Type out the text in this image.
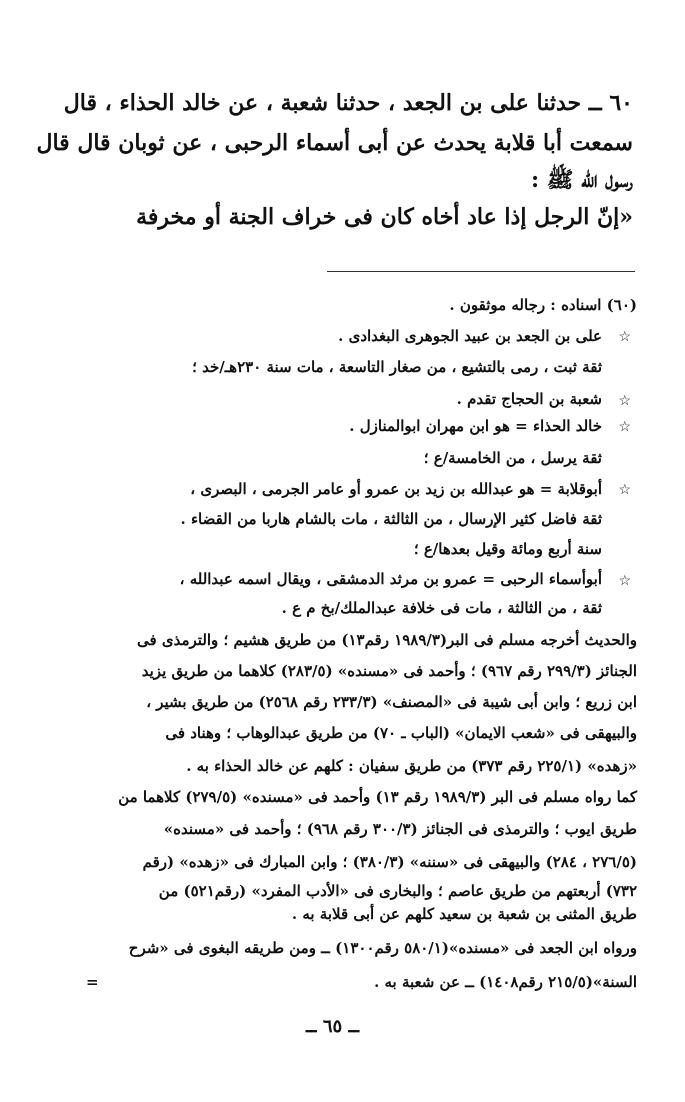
٦٠ ــ حدثنا على بن الجعد ، حدثنا شعبة ، عن خالد الحذاء ، قال
سمعت أبا قلابة يحدث عن أبى أسماء الرحبى ، عن ثوبان قال قال
رسول الله ﷺ :
«إنّ الرجل إذا عاد أخاه كان فى خراف الجنة أو مخرفة
(٦٠) اسناده : رجاله موثقون .
☆
على بن الجعد بن عبيد الجوهرى البغدادى .
ثقة ثبت ، رمى بالتشيع ، من صغار التاسعة ، مات سنة ٢٣٠هـ/خد ؛
☆
شعبة بن الحجاج تقدم .
☆
خالد الحذاء = هو ابن مهران ابوالمنازل .
ثقة يرسل ، من الخامسة/ع ؛
☆
أبوقلابة = هو عبدالله بن زيد بن عمرو أو عامر الجرمى ، البصرى ،
ثقة فاضل كثير الإرسال ، من الثالثة ، مات بالشام هاربا من القضاء .
سنة أربع ومائة وقيل بعدها/ع ؛
☆
أبوأسماء الرحبى = عمرو بن مرثد الدمشقى ، ويقال اسمه عبدالله ،
ثقة ، من الثالثة ، مات فى خلافة عبدالملك/بخ م ع .
والحديث أخرجه مسلم فى البر(١٩٨٩/٣ رقم١٣) من طريق هشيم ؛ والترمذى فى
الجنائز (٢٩٩/٣ رقم ٩٦٧) ؛ وأحمد فى «مسنده» (٢٨٣/٥) كلاهما من طريق يزيد
ابن زريع ؛ وابن أبى شيبة فى «المصنف» (٢٣٣/٣ رقم ٢٥٦٨) من طريق بشير ،
والبيهقى فى «شعب الايمان» (الباب ـ ٧٠) من طريق عبدالوهاب ؛ وهناد فى
«زهده» (٢٢٥/١ رقم ٣٧٣) من طريق سفيان : كلهم عن خالد الحذاء به .
كما رواه مسلم فى البر (١٩٨٩/٣ رقم ١٣) وأحمد فى «مسنده» (٢٧٩/٥) كلاهما من
طريق ايوب ؛ والترمذى فى الجنائز (٣٠٠/٣ رقم ٩٦٨) ؛ وأحمد فى «مسنده»
(٢٧٦/٥ ، ٢٨٤) والبيهقى فى «سننه» (٣٨٠/٣) ؛ وابن المبارك فى «زهده» (رقم
٧٣٢) أربعتهم من طريق عاصم ؛ والبخارى فى «الأدب المفرد» (رقم٥٢١) من
طريق المثنى بن شعبة بن سعيد كلهم عن أبى قلابة به .
ورواه ابن الجعد فى «مسنده»(٥٨٠/١ رقم١٣٠٠) ــ ومن طريقه البغوى فى «شرح
السنة»(٢١٥/٥ رقم١٤٠٨) ــ عن شعبة به .
=
ــ ٦٥ ــ
